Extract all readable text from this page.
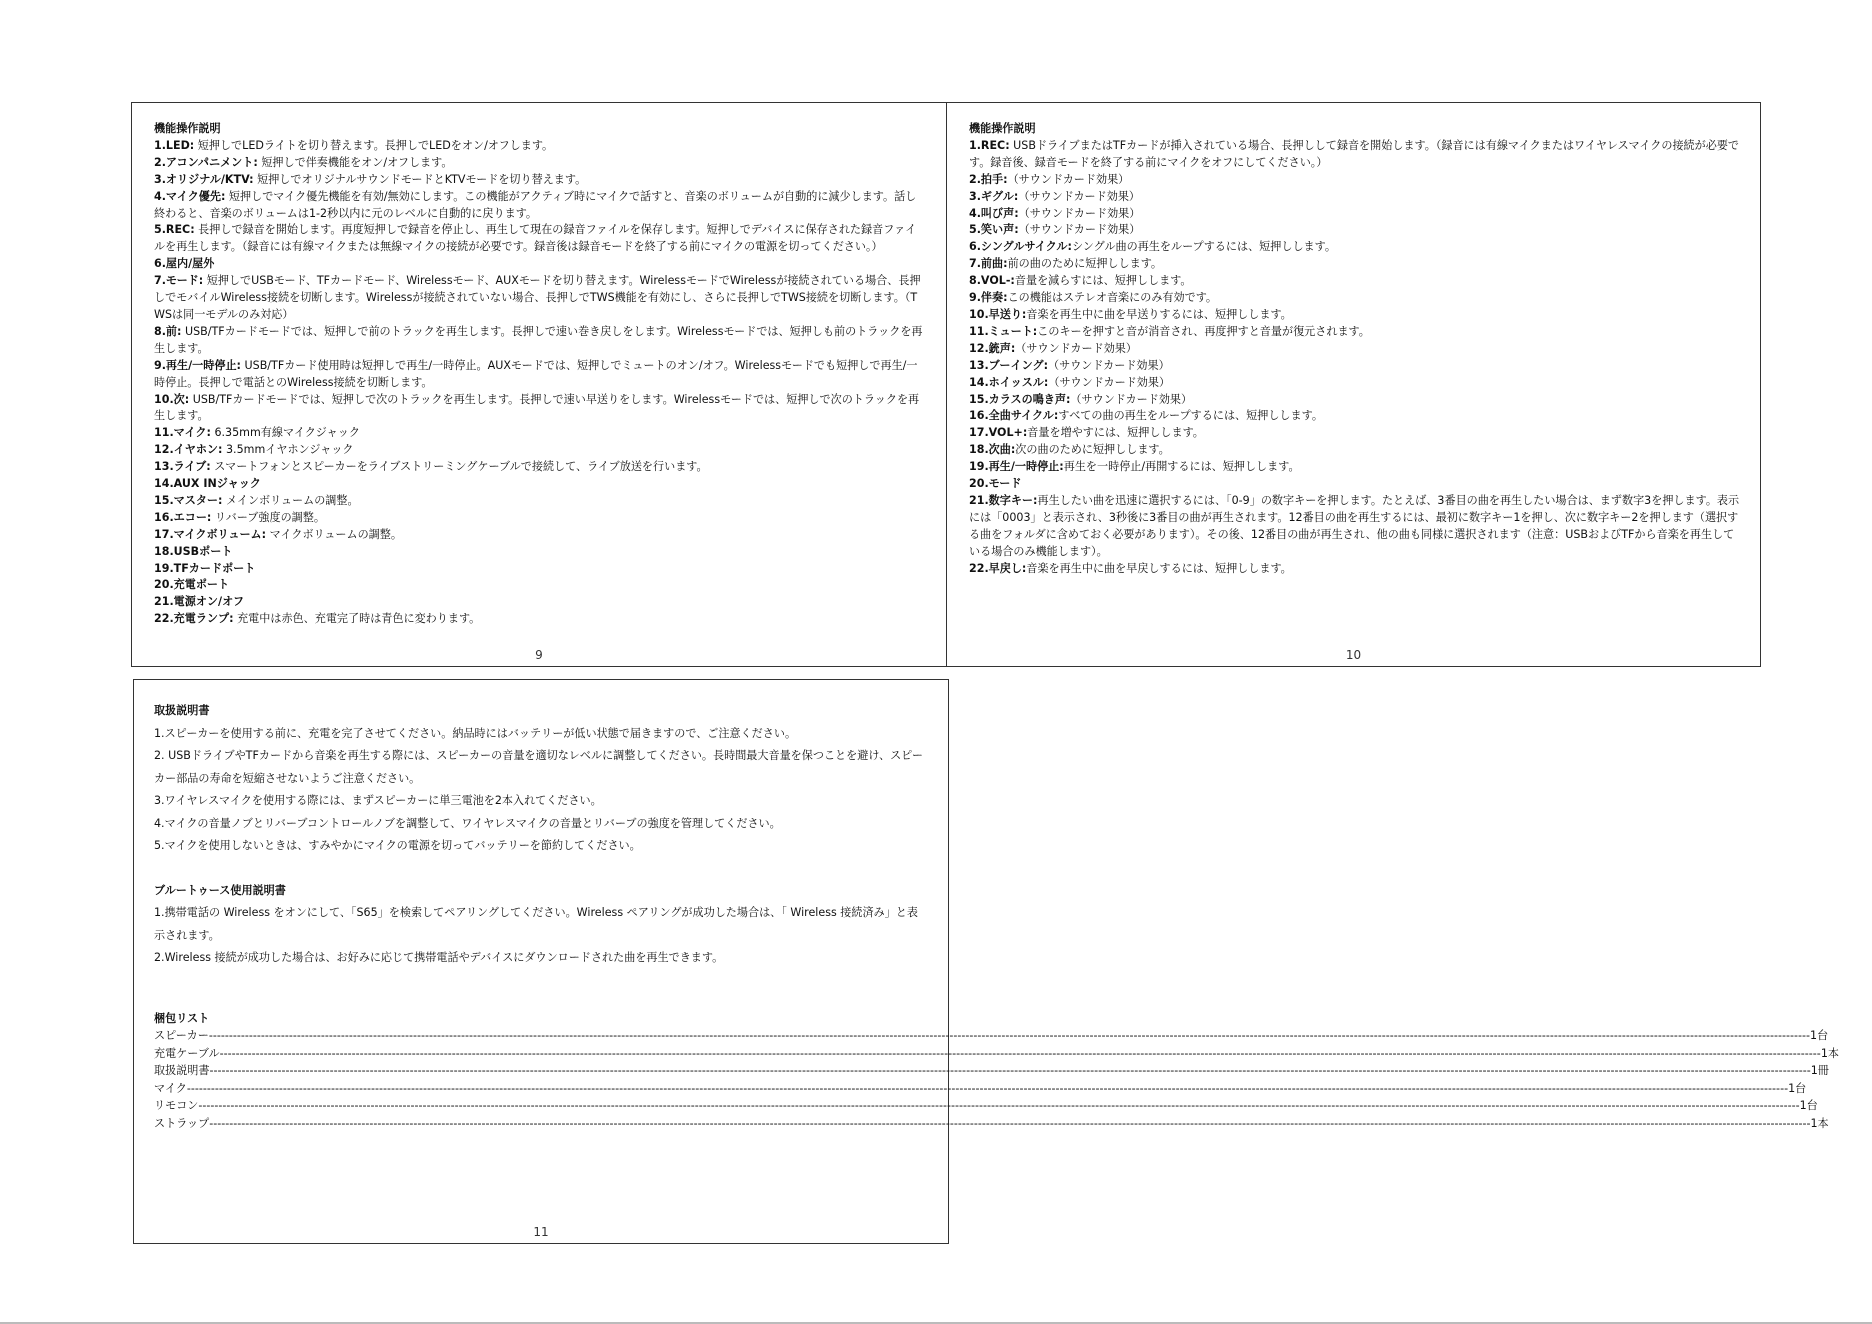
機能操作説明
1.LED: 短押しでLEDライトを切り替えます。長押しでLEDをオン/オフします。
2.アコンパニメント: 短押しで伴奏機能をオン/オフします。
3.オリジナル/KTV: 短押しでオリジナルサウンドモードとKTVモードを切り替えます。
4.マイク優先: 短押しでマイク優先機能を有効/無効にします。この機能がアクティブ時にマイクで話すと、音楽のボリュームが自動的に減少します。話し終わると、音楽のボリュームは1-2秒以内に元のレベルに自動的に戻ります。
5.REC: 長押しで録音を開始します。再度短押しで録音を停止し、再生して現在の録音ファイルを保存します。短押しでデバイスに保存された録音ファイルを再生します。（録音には有線マイクまたは無線マイクの接続が必要です。録音後は録音モードを終了する前にマイクの電源を切ってください。）
6.屋内/屋外
7.モード: 短押しでUSBモード、TFカードモード、Wirelessモード、AUXモードを切り替えます。WirelessモードでWirelessが接続されている場合、長押しでモバイルWireless接続を切断します。Wirelessが接続されていない場合、長押しでTWS機能を有効にし、さらに長押しでTWS接続を切断します。（TWSは同一モデルのみ対応）
8.前: USB/TFカードモードでは、短押しで前のトラックを再生します。長押しで速い巻き戻しをします。Wirelessモードでは、短押しも前のトラックを再生します。
9.再生/一時停止: USB/TFカード使用時は短押しで再生/一時停止。AUXモードでは、短押しでミュートのオン/オフ。Wirelessモードでも短押しで再生/一時停止。長押しで電話とのWireless接続を切断します。
10.次: USB/TFカードモードでは、短押しで次のトラックを再生します。長押しで速い早送りをします。Wirelessモードでは、短押しで次のトラックを再生します。
11.マイク: 6.35mm有線マイクジャック
12.イヤホン: 3.5mmイヤホンジャック
13.ライブ: スマートフォンとスピーカーをライブストリーミングケーブルで接続して、ライブ放送を行います。
14.AUX INジャック
15.マスター: メインボリュームの調整。
16.エコー: リバーブ強度の調整。
17.マイクボリューム: マイクボリュームの調整。
18.USBポート
19.TFカードポート
20.充電ポート
21.電源オン/オフ
22.充電ランプ: 充電中は赤色、充電完了時は青色に変わります。
9
機能操作説明
1.REC: USBドライブまたはTFカードが挿入されている場合、長押しして録音を開始します。（録音には有線マイクまたはワイヤレスマイクの接続が必要です。録音後、録音モードを終了する前にマイクをオフにしてください。）
2.拍手:（サウンドカード効果）
3.ギグル:（サウンドカード効果）
4.叫び声:（サウンドカード効果）
5.笑い声:（サウンドカード効果）
6.シングルサイクル:シングル曲の再生をループするには、短押しします。
7.前曲:前の曲のために短押しします。
8.VOL-:音量を減らすには、短押しします。
9.伴奏:この機能はステレオ音楽にのみ有効です。
10.早送り:音楽を再生中に曲を早送りするには、短押しします。
11.ミュート:このキーを押すと音が消音され、再度押すと音量が復元されます。
12.銃声:（サウンドカード効果）
13.ブーイング:（サウンドカード効果）
14.ホイッスル:（サウンドカード効果）
15.カラスの鳴き声:（サウンドカード効果）
16.全曲サイクル:すべての曲の再生をループするには、短押しします。
17.VOL+:音量を増やすには、短押しします。
18.次曲:次の曲のために短押しします。
19.再生/一時停止:再生を一時停止/再開するには、短押しします。
20.モード
21.数字キー:再生したい曲を迅速に選択するには、「0-9」の数字キーを押します。たとえば、3番目の曲を再生したい場合は、まず数字3を押します。表示には「0003」と表示され、3秒後に3番目の曲が再生されます。12番目の曲を再生するには、最初に数字キー1を押し、次に数字キー2を押します（選択する曲をフォルダに含めておく必要があります）。その後、12番目の曲が再生され、他の曲も同様に選択されます（注意：USBおよびTFから音楽を再生している場合のみ機能します）。
22.早戻し:音楽を再生中に曲を早戻しするには、短押しします。
10
取扱説明書
1.スピーカーを使用する前に、充電を完了させてください。納品時にはバッテリーが低い状態で届きますので、ご注意ください。
2. USBドライブやTFカードから音楽を再生する際には、スピーカーの音量を適切なレベルに調整してください。長時間最大音量を保つことを避け、スピーカー部品の寿命を短縮させないようご注意ください。
3.ワイヤレスマイクを使用する際には、まずスピーカーに単三電池を2本入れてください。
4.マイクの音量ノブとリバーブコントロールノブを調整して、ワイヤレスマイクの音量とリバーブの強度を管理してください。
5.マイクを使用しないときは、すみやかにマイクの電源を切ってバッテリーを節約してください。
ブルートゥース使用説明書
1.携帯電話の Wireless をオンにして、「S65」を検索してペアリングしてください。Wireless ペアリングが成功した場合は、「 Wireless 接続済み」と表示されます。
2.Wireless 接続が成功した場合は、お好みに応じて携帯電話やデバイスにダウンロードされた曲を再生できます。
梱包リスト
スピーカー ---------------------------------------------------------------------------------------------------------------------------------------------------------------------------------------------------------------------------------------------------------------------------------------------------------------------------------------------------------------------------------------------------------------- 1台
充電ケーブル ---------------------------------------------------------------------------------------------------------------------------------------------------------------------------------------------------------------------------------------------------------------------------------------------------------------------------------------------------------------------------------------------------------------- 1本
取扱説明書 ---------------------------------------------------------------------------------------------------------------------------------------------------------------------------------------------------------------------------------------------------------------------------------------------------------------------------------------------------------------------------------------------------------------- 1冊
マイク ---------------------------------------------------------------------------------------------------------------------------------------------------------------------------------------------------------------------------------------------------------------------------------------------------------------------------------------------------------------------------------------------------------------- 1台
リモコン ---------------------------------------------------------------------------------------------------------------------------------------------------------------------------------------------------------------------------------------------------------------------------------------------------------------------------------------------------------------------------------------------------------------- 1台
ストラップ ---------------------------------------------------------------------------------------------------------------------------------------------------------------------------------------------------------------------------------------------------------------------------------------------------------------------------------------------------------------------------------------------------------------- 1本
11
